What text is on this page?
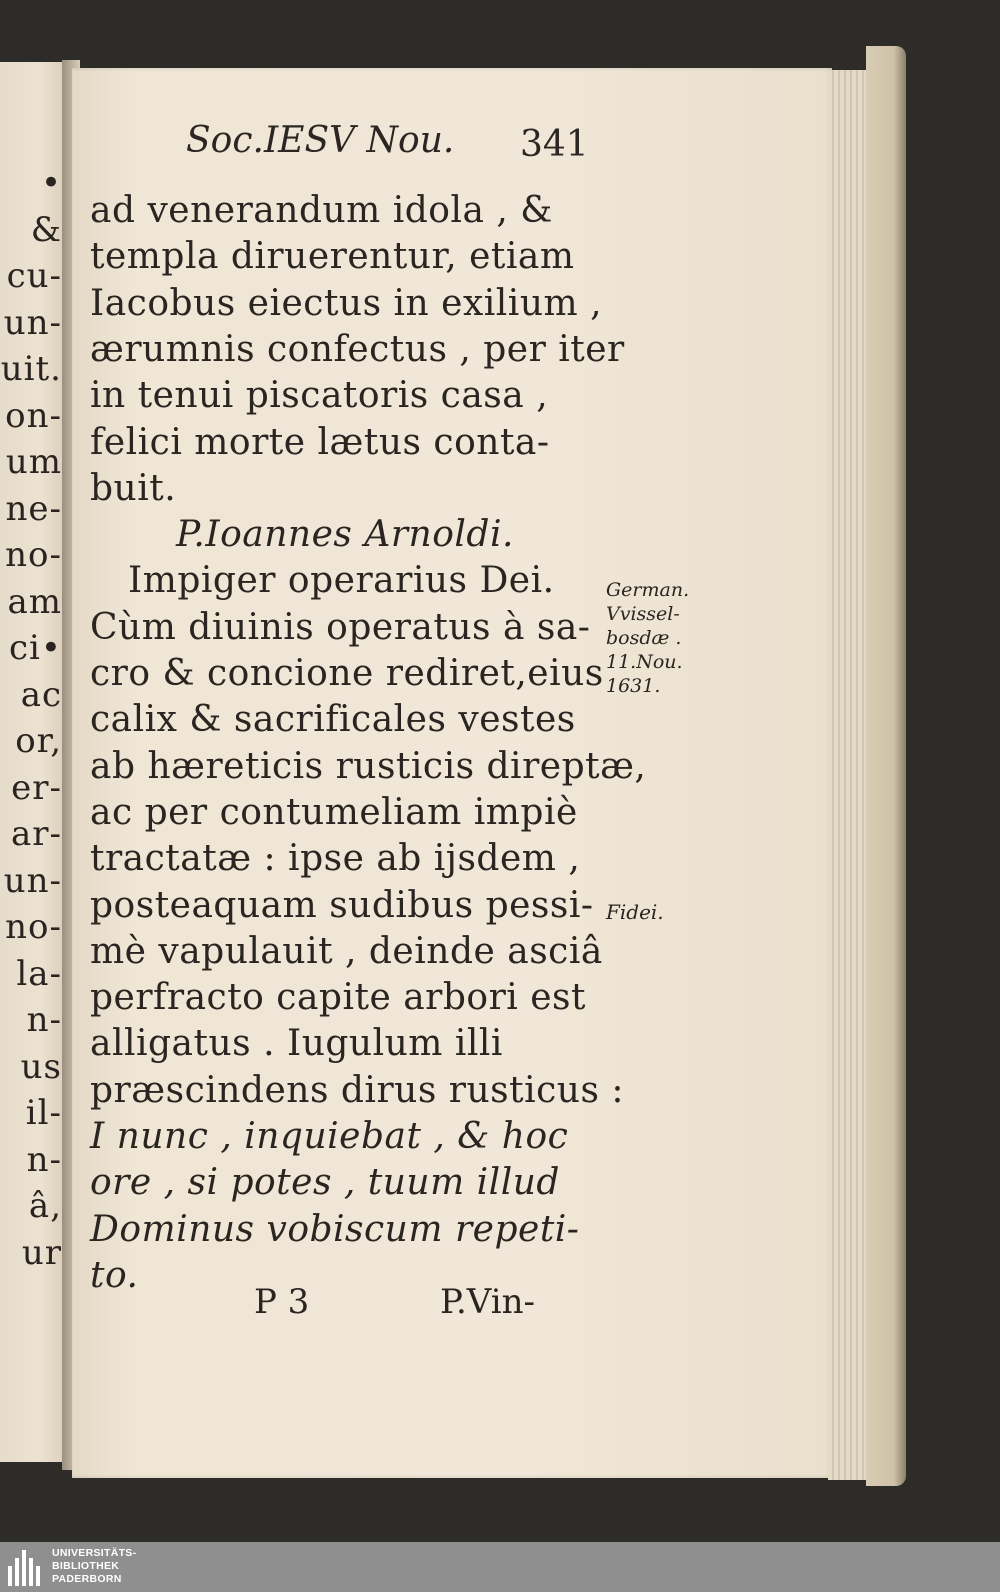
•
&
cu-
un-
uit.
on-
um
ne-
no-
am
ci•
ac
or,
er-
ar-
un-
no-
la-
n-
us
il-
n-
â,
ur
Soc.IESV Nou. 341
ad venerandum idola , &
templa diruerentur, etiam
Iacobus eiectus in exilium ,
ærumnis confectus , per iter
in tenui piscatoris casa ,
felici morte lætus conta-
buit.
P.Ioannes Arnoldi.
Impiger operarius Dei.
Cùm diuinis operatus à sa-
cro & concione rediret,eius
calix & sacrificales vestes
ab hæreticis rusticis direptæ,
ac per contumeliam impiè
tractatæ : ipse ab ijsdem ,
posteaquam sudibus pessi-
mè vapulauit , deinde asciâ
perfracto capite arbori est
alligatus . Iugulum illi
præscindens dirus rusticus :
I nunc , inquiebat , & hoc
ore , si potes , tuum illud
Dominus vobiscum repeti-
to.
German.
Vvissel-
bosdæ .
11.Nou.
1631.
Fidei.
P 3	P.Vin-
UNIVERSITÄTS-
BIBLIOTHEK
PADERBORN
